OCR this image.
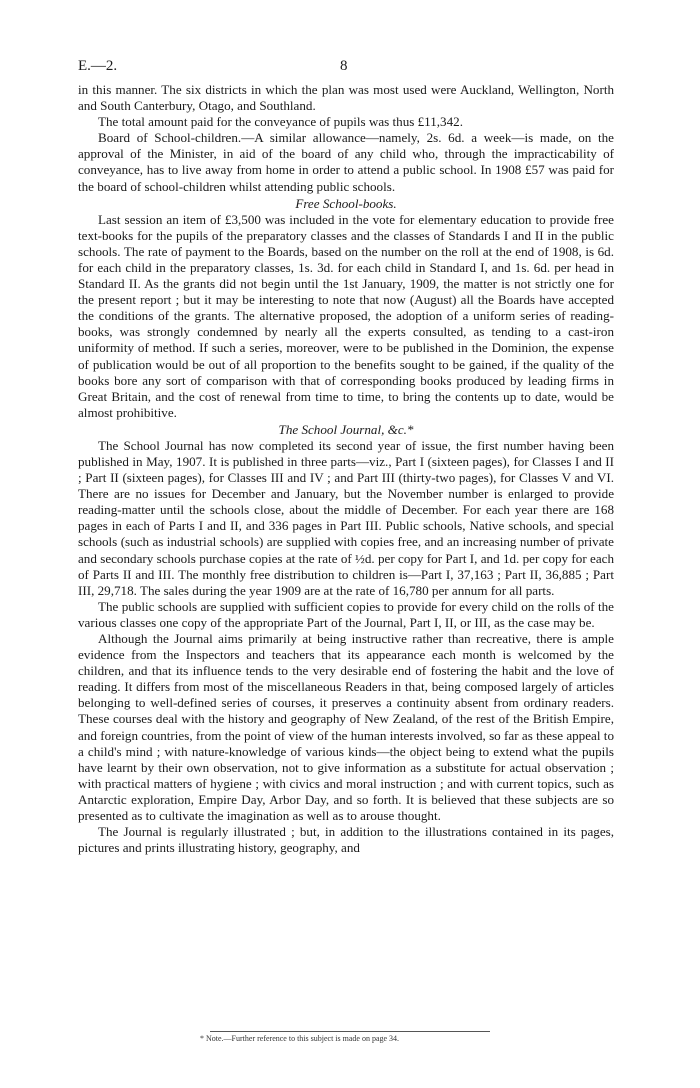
E.—2.	8

in this manner. The six districts in which the plan was most used were Auckland, Wellington, North and South Canterbury, Otago, and Southland.

The total amount paid for the conveyance of pupils was thus £11,342.

Board of School-children.—A similar allowance—namely, 2s. 6d. a week—is made, on the approval of the Minister, in aid of the board of any child who, through the impracticability of conveyance, has to live away from home in order to attend a public school. In 1908 £57 was paid for the board of school-children whilst attending public schools.

Free School-books.

Last session an item of £3,500 was included in the vote for elementary education to provide free text-books for the pupils of the preparatory classes and the classes of Standards I and II in the public schools. The rate of payment to the Boards, based on the number on the roll at the end of 1908, is 6d. for each child in the preparatory classes, 1s. 3d. for each child in Standard I, and 1s. 6d. per head in Standard II. As the grants did not begin until the 1st January, 1909, the matter is not strictly one for the present report ; but it may be interesting to note that now (August) all the Boards have accepted the conditions of the grants. The alternative proposed, the adoption of a uniform series of reading-books, was strongly condemned by nearly all the experts consulted, as tending to a cast-iron uniformity of method. If such a series, moreover, were to be published in the Dominion, the expense of publication would be out of all proportion to the benefits sought to be gained, if the quality of the books bore any sort of comparison with that of corresponding books produced by leading firms in Great Britain, and the cost of renewal from time to time, to bring the contents up to date, would be almost prohibitive.

The School Journal, &c.*

The School Journal has now completed its second year of issue, the first number having been published in May, 1907. It is published in three parts—viz., Part I (sixteen pages), for Classes I and II ; Part II (sixteen pages), for Classes III and IV ; and Part III (thirty-two pages), for Classes V and VI. There are no issues for December and January, but the November number is enlarged to provide reading-matter until the schools close, about the middle of December. For each year there are 168 pages in each of Parts I and II, and 336 pages in Part III. Public schools, Native schools, and special schools (such as industrial schools) are supplied with copies free, and an increasing number of private and secondary schools purchase copies at the rate of ½d. per copy for Part I, and 1d. per copy for each of Parts II and III. The monthly free distribution to children is—Part I, 37,163 ; Part II, 36,885 ; Part III, 29,718. The sales during the year 1909 are at the rate of 16,780 per annum for all parts.

The public schools are supplied with sufficient copies to provide for every child on the rolls of the various classes one copy of the appropriate Part of the Journal, Part I, II, or III, as the case may be.

Although the Journal aims primarily at being instructive rather than recreative, there is ample evidence from the Inspectors and teachers that its appearance each month is welcomed by the children, and that its influence tends to the very desirable end of fostering the habit and the love of reading. It differs from most of the miscellaneous Readers in that, being composed largely of articles belonging to well-defined series of courses, it preserves a continuity absent from ordinary readers. These courses deal with the history and geography of New Zealand, of the rest of the British Empire, and foreign countries, from the point of view of the human interests involved, so far as these appeal to a child's mind ; with nature-knowledge of various kinds—the object being to extend what the pupils have learnt by their own observation, not to give information as a substitute for actual observation ; with practical matters of hygiene ; with civics and moral instruction ; and with current topics, such as Antarctic exploration, Empire Day, Arbor Day, and so forth. It is believed that these subjects are so presented as to cultivate the imagination as well as to arouse thought.

The Journal is regularly illustrated ; but, in addition to the illustrations contained in its pages, pictures and prints illustrating history, geography, and

* Note.—Further reference to this subject is made on page 34.
